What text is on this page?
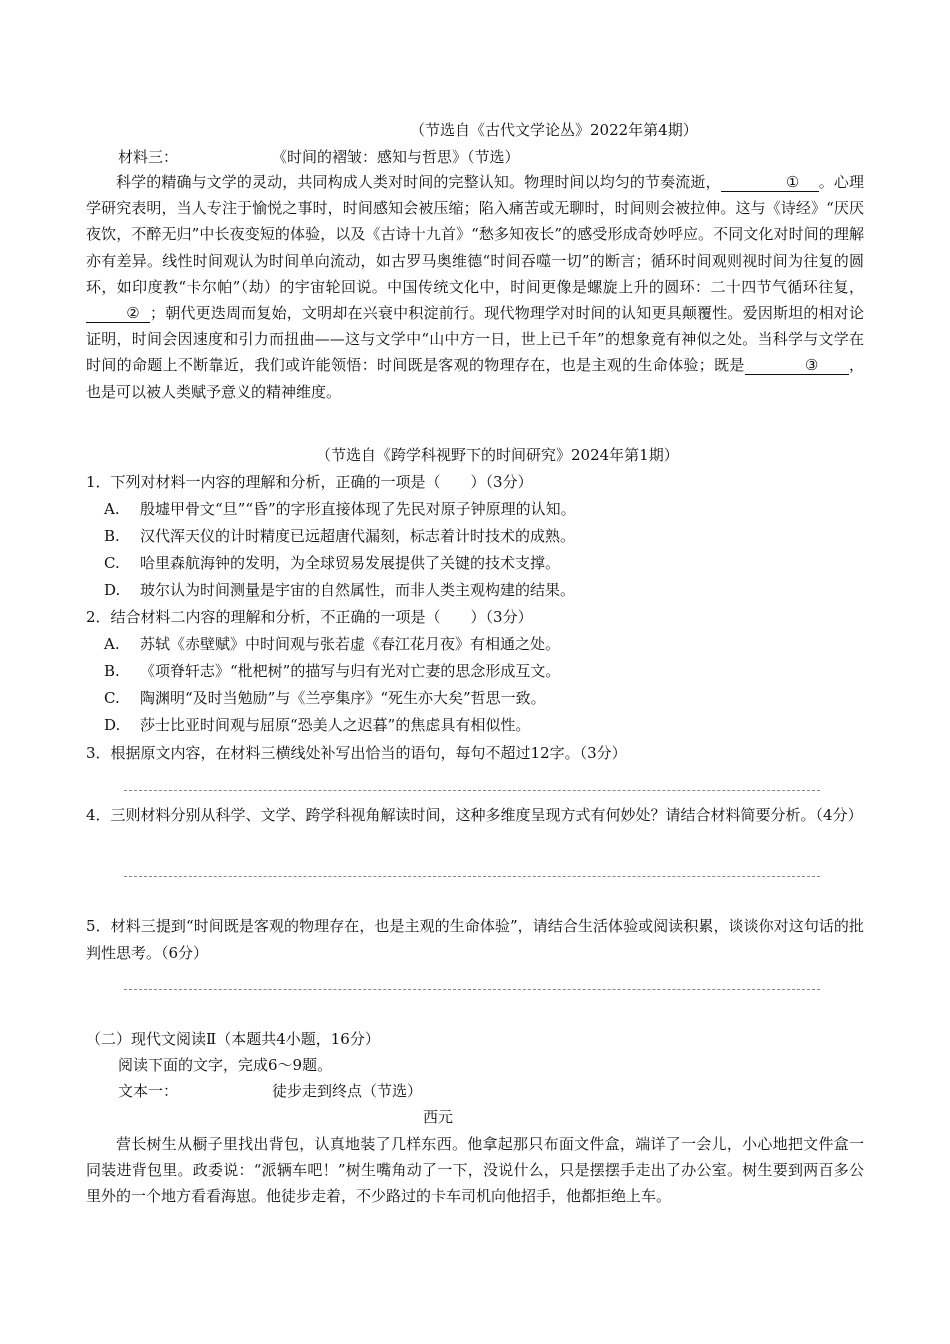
（节选自《古代文学论丛》2022年第4期）
材料三：	《时间的褶皱：感知与哲思》（节选）
科学的精确与文学的灵动，共同构成人类对时间的完整认知。物理时间以均匀的节奏流逝，	① 。心理学研究表明，当人专注于愉悦之事时，时间感知会被压缩；陷入痛苦或无聊时，时间则会被拉伸。这与《诗经》“厌厌夜饮，不醉无归”中长夜变短的体验，以及《古诗十九首》“愁多知夜长”的感受形成奇妙呼应。不同文化对时间的理解亦有差异。线性时间观认为时间单向流动，如古罗马奥维德“时间吞噬一切”的断言；循环时间观则视时间为往复的圆环，如印度教“卡尔帕”（劫）的宇宙轮回说。中国传统文化中，时间更像是螺旋上升的圆环：二十四节气循环往复，② ；朝代更迭周而复始，文明却在兴衰中积淀前行。现代物理学对时间的认知更具颠覆性。爱因斯坦的相对论证明，时间会因速度和引力而扭曲——这与文学中“山中方一日，世上已千年”的想象竟有神似之处。当科学与文学在时间的命题上不断靠近，我们或许能领悟：时间既是客观的物理存在，也是主观的生命体验；既是	③ ，也是可以被人类赋予意义的精神维度。
（节选自《跨学科视野下的时间研究》2024年第1期）
1．下列对材料一内容的理解和分析，正确的一项是（　　）（3分）
A. 殷墟甲骨文“旦”“昏”的字形直接体现了先民对原子钟原理的认知。
B. 汉代浑天仪的计时精度已远超唐代漏刻，标志着计时技术的成熟。
C. 哈里森航海钟的发明，为全球贸易发展提供了关键的技术支撑。
D. 玻尔认为时间测量是宇宙的自然属性，而非人类主观构建的结果。
2．结合材料二内容的理解和分析，不正确的一项是（　　）（3分）
A. 苏轼《赤壁赋》中时间观与张若虚《春江花月夜》有相通之处。
B. 《项脊轩志》“枇杷树”的描写与归有光对亡妻的思念形成互文。
C. 陶渊明“及时当勉励”与《兰亭集序》“死生亦大矣”哲思一致。
D. 莎士比亚时间观与屈原“恐美人之迟暮”的焦虑具有相似性。
3．根据原文内容，在材料三横线处补写出恰当的语句，每句不超过12字。（3分）
4．三则材料分别从科学、文学、跨学科视角解读时间，这种多维度呈现方式有何妙处？请结合材料简要分析。（4分）
5．材料三提到“时间既是客观的物理存在，也是主观的生命体验”，请结合生活体验或阅读积累，谈谈你对这句话的批判性思考。（6分）
（二）现代文阅读Ⅱ（本题共4小题，16分）
阅读下面的文字，完成6～9题。
文本一：	徒步走到终点（节选）
西元
营长树生从橱子里找出背包，认真地装了几样东西。他拿起那只布面文件盒，端详了一会儿，小心地把文件盒一同装进背包里。政委说：“派辆车吧！”树生嘴角动了一下，没说什么，只是摆摆手走出了办公室。树生要到两百多公里外的一个地方看看海崽。他徒步走着，不少路过的卡车司机向他招手，他都拒绝上车。
